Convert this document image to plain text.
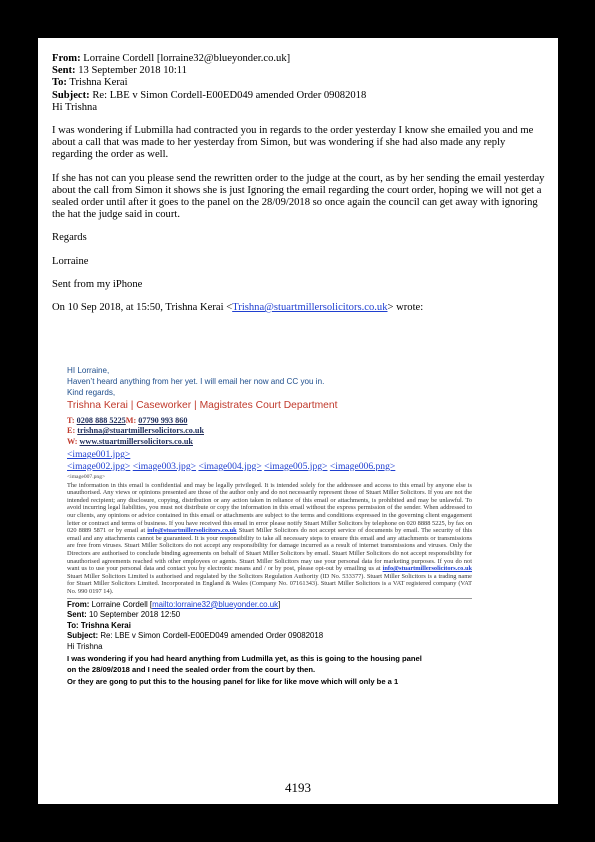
From: Lorraine Cordell [lorraine32@blueyonder.co.uk]
Sent: 13 September 2018 10:11
To: Trishna Kerai
Subject: Re: LBE v Simon Cordell-E00ED049 amended Order 09082018
Hi Trishna

I was wondering if Lubmilla had contracted you in regards to the order yesterday I know she emailed you and me about a call that was made to her yesterday from Simon, but was wondering if she had also made any reply regarding the order as well.

If she has not can you please send the rewritten order to the judge at the court, as by her sending the email yesterday about the call from Simon it shows she is just Ignoring the email regarding the court order, hoping we will not get a sealed order until after it goes to the panel on the 28/09/2018 so once again the council can get away with ignoring the hat the judge said in court.

Regards

Lorraine

Sent from my iPhone

On 10 Sep 2018, at 15:50, Trishna Kerai <Trishna@stuartmillersolicitors.co.uk> wrote:

HI Lorraine,
Haven’t heard anything from her yet. I will email her now and CC you in.
Kind regards,
Trishna Kerai | Caseworker | Magistrates Court Department
T: 0208 888 5225M: 07790 993 860
E: trishna@stuartmillersolicitors.co.uk
W: www.stuartmillersolicitors.co.uk
<image001.jpg>
<image002.jpg> <image003.jpg> <image004.jpg> <image005.jpg> <image006.png>
<image007.png>
The information in this email is confidential and may be legally privileged. It is intended solely for the addressee and access to this email by anyone else is unauthorised. Any views or opinions presented are those of the author only and do not necessarily represent those of Stuart Miller Solicitors. If you are not the intended recipient; any disclosure, copying, distribution or any action taken in reliance of this email or attachments, is prohibited and may be unlawful. To avoid incurring legal liabilities, you must not distribute or copy the information in this email without the express permission of the sender. When addressed to our clients, any opinions or advice contained in this email or attachments are subject to the terms and conditions expressed in the governing client engagement letter or contract and terms of business. If you have received this email in error please notify Stuart Miller Solicitors by telephone on 020 8888 5225, by fax on 020 8889 5871 or by email at info@stuartmillersolicitors.co.uk Stuart Miller Solicitors do not accept service of documents by email. The security of this email and any attachments cannot be guaranteed. It is your responsibility to take all necessary steps to ensure this email and any attachments or transmissions are free from viruses. Stuart Miller Solicitors do not accept any responsibility for damage incurred as a result of internet transmissions and viruses. Only the Directors are authorised to conclude binding agreements on behalf of Stuart Miller Solicitors by email. Stuart Miller Solicitors do not accept responsibility for unauthorised agreements reached with other employees or agents. Stuart Miller Solicitors may use your personal data for marketing purposes. If you do not want us to use your personal data and contact you by electronic means and / or by post, please opt-out by emailing us at info@stuartmillersolicitors.co.uk Stuart Miller Solicitors Limited is authorised and regulated by the Solicitors Regulation Authority (ID No. 533377). Stuart Miller Solicitors is a trading name for Stuart Miller Solicitors Limited. Incorporated in England & Wales (Company No. 07161343). Stuart Miller Solicitors is a VAT registered company (VAT No. 990 0197 14).
From: Lorraine Cordell [mailto:lorraine32@blueyonder.co.uk]
Sent: 10 September 2018 12:50
To: Trishna Kerai
Subject: Re: LBE v Simon Cordell-E00ED049 amended Order 09082018
Hi Trishna
I was wondering if you had heard anything from Ludmilla yet, as this is going to the housing panel
on the 28/09/2018 and I need the sealed order from the court by then.
Or they are gong to put this to the housing panel for like for like move which will only be a 1
4193
